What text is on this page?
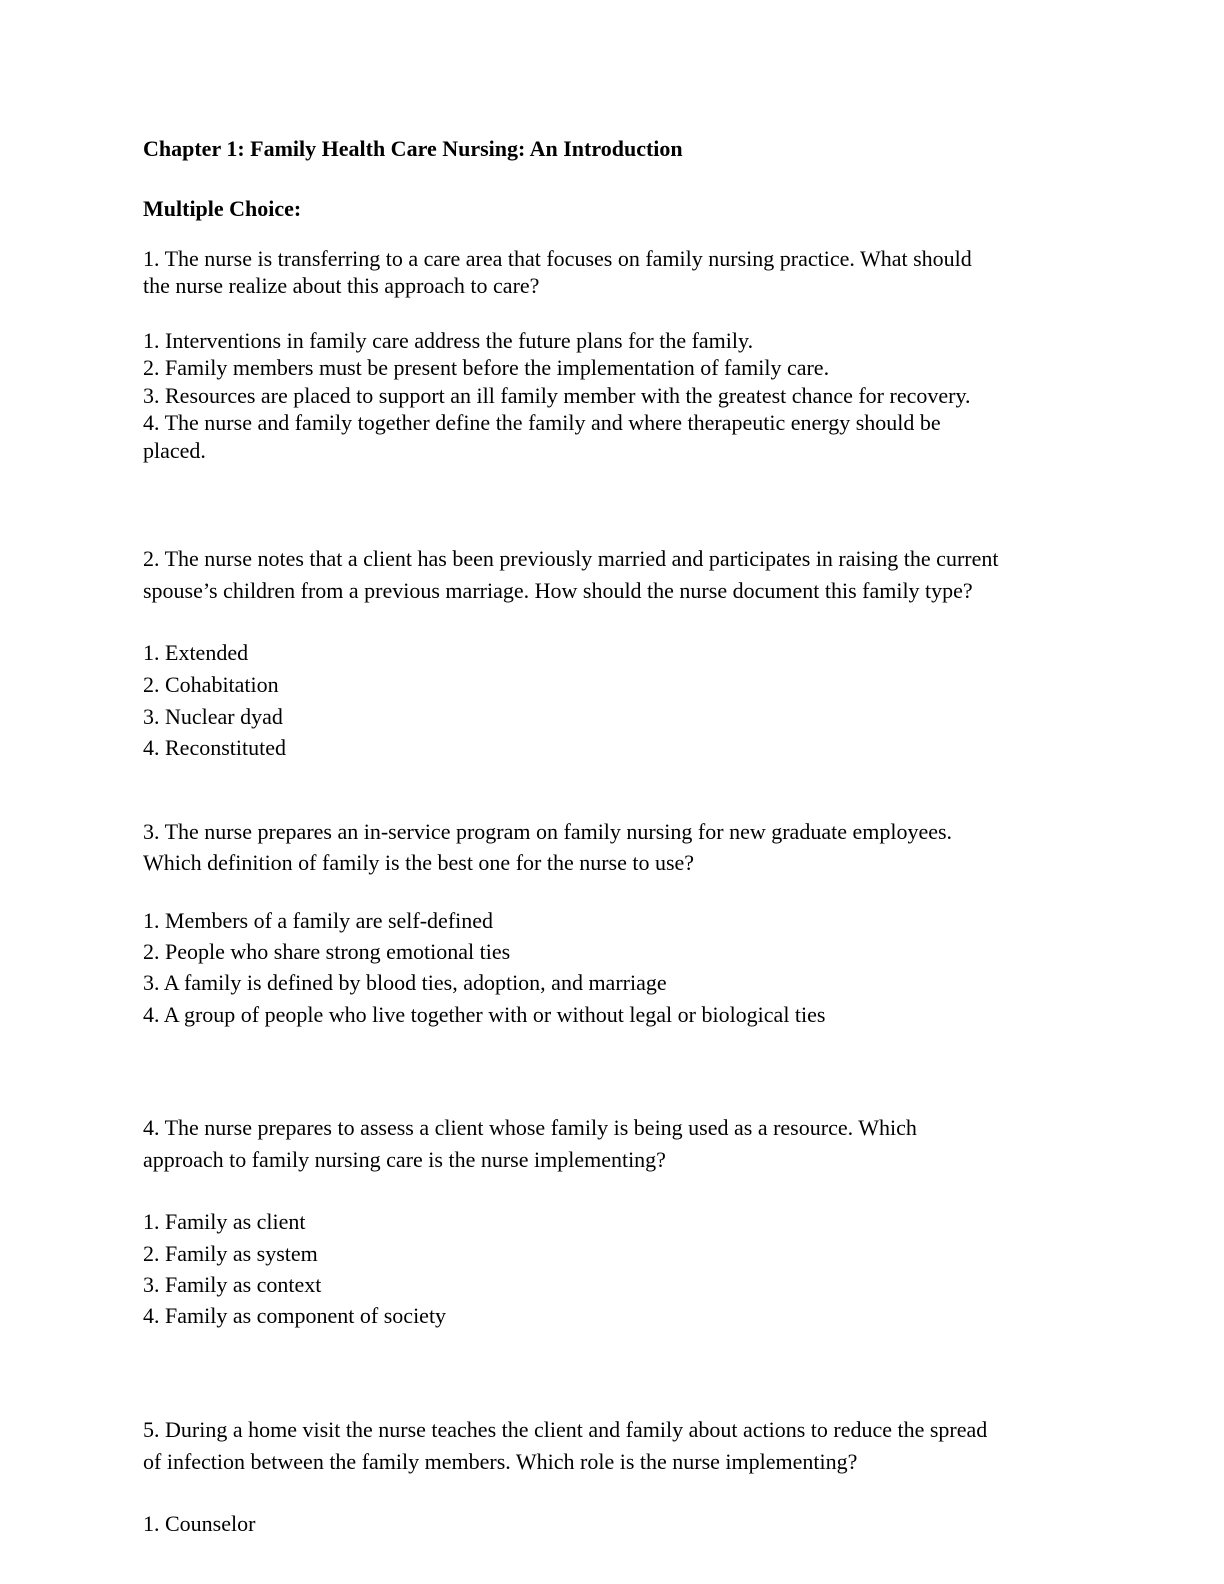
Chapter 1: Family Health Care Nursing: An Introduction

Multiple Choice:

1. The nurse is transferring to a care area that focuses on family nursing practice. What should

the nurse realize about this approach to care?

1. Interventions in family care address the future plans for the family.

2. Family members must be present before the implementation of family care.

3. Resources are placed to support an ill family member with the greatest chance for recovery.

4. The nurse and family together define the family and where therapeutic energy should be

placed.

2. The nurse notes that a client has been previously married and participates in raising the current

spouse’s children from a previous marriage. How should the nurse document this family type?

1. Extended

2. Cohabitation

3. Nuclear dyad

4. Reconstituted

3. The nurse prepares an in-service program on family nursing for new graduate employees.

Which definition of family is the best one for the nurse to use?

1. Members of a family are self-defined

2. People who share strong emotional ties

3. A family is defined by blood ties, adoption, and marriage

4. A group of people who live together with or without legal or biological ties

4. The nurse prepares to assess a client whose family is being used as a resource. Which

approach to family nursing care is the nurse implementing?

1. Family as client

2. Family as system

3. Family as context

4. Family as component of society

5. During a home visit the nurse teaches the client and family about actions to reduce the spread

of infection between the family members. Which role is the nurse implementing?

1. Counselor
